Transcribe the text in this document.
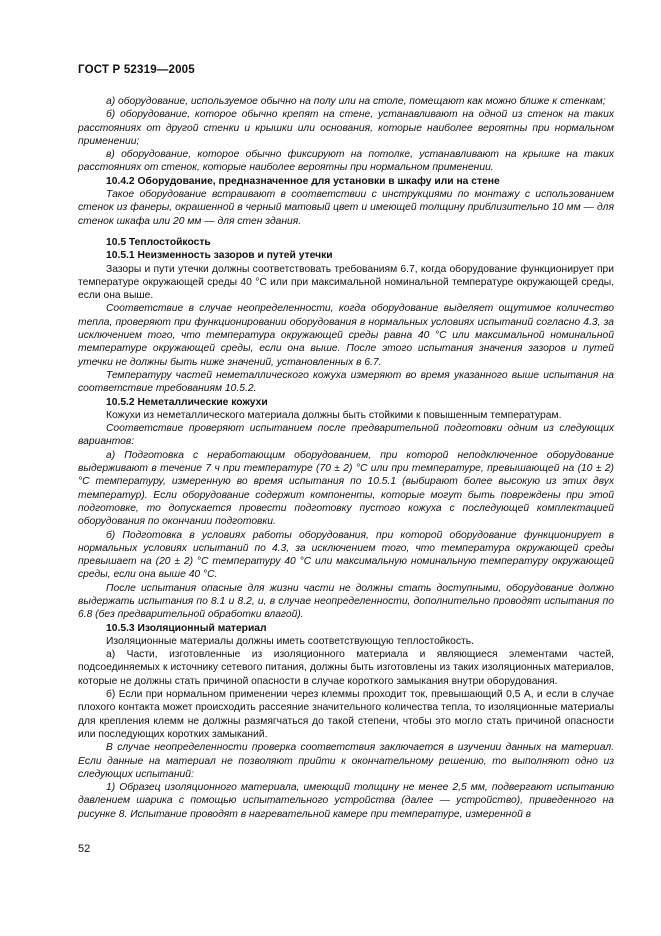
ГОСТ Р 52319—2005

а) оборудование, используемое обычно на полу или на столе, помещают как можно ближе к стенкам;

б) оборудование, которое обычно крепят на стене, устанавливают на одной из стенок на таких расстояниях от другой стенки и крышки или основания, которые наиболее вероятны при нормальном применении;

в) оборудование, которое обычно фиксируют на потолке, устанавливают на крышке на таких расстояниях от стенок, которые наиболее вероятны при нормальном применении.

10.4.2 Оборудование, предназначенное для установки в шкафу или на стене

Такое оборудование встраивают в соответствии с инструкциями по монтажу с использованием стенок из фанеры, окрашенной в черный матовый цвет и имеющей толщину приблизительно 10 мм — для стенок шкафа или 20 мм — для стен здания.

10.5 Теплостойкость

10.5.1 Неизменность зазоров и путей утечки

Зазоры и пути утечки должны соответствовать требованиям 6.7, когда оборудование функционирует при температуре окружающей среды 40 °С или при максимальной номинальной температуре окружающей среды, если она выше.

Соответствие в случае неопределенности, когда оборудование выделяет ощутимое количество тепла, проверяют при функционировании оборудования в нормальных условиях испытаний согласно 4.3, за исключением того, что температура окружающей среды равна 40 °С или максимальной номинальной температуре окружающей среды, если она выше. После этого испытания значения зазоров и путей утечки не должны быть ниже значений, установленных в 6.7.

Температуру частей неметаллического кожуха измеряют во время указанного выше испытания на соответствие требованиям 10.5.2.

10.5.2 Неметаллические кожухи

Кожухи из неметаллического материала должны быть стойкими к повышенным температурам.

Соответствие проверяют испытанием после предварительной подготовки одним из следующих вариантов:

а) Подготовка с неработающим оборудованием, при которой неподключенное оборудование выдерживают в течение 7 ч при температуре (70 ± 2) °С или при температуре, превышающей на (10 ± 2) °С температуру, измеренную во время испытания по 10.5.1 (выбирают более высокую из этих двух температур). Если оборудование содержит компоненты, которые могут быть повреждены при этой подготовке, то допускается провести подготовку пустого кожуха с последующей комплектацией оборудования по окончании подготовки.

б) Подготовка в условиях работы оборудования, при которой оборудование функционирует в нормальных условиях испытаний по 4.3, за исключением того, что температура окружающей среды превышает на (20 ± 2) °С температуру 40 °С или максимальную номинальную температуру окружающей среды, если она выше 40 °С.

После испытания опасные для жизни части не должны стать доступными, оборудование должно выдержать испытания по 8.1 и 8.2, и, в случае неопределенности, дополнительно проводят испытания по 6.8 (без предварительной обработки влагой).

10.5.3 Изоляционный материал

Изоляционные материалы должны иметь соответствующую теплостойкость.

а) Части, изготовленные из изоляционного материала и являющиеся элементами частей, подсоединяемых к источнику сетевого питания, должны быть изготовлены из таких изоляционных материалов, которые не должны стать причиной опасности в случае короткого замыкания внутри оборудования.

б) Если при нормальном применении через клеммы проходит ток, превышающий 0,5 А, и если в случае плохого контакта может происходить рассеяние значительного количества тепла, то изоляционные материалы для крепления клемм не должны размягчаться до такой степени, чтобы это могло стать причиной опасности или последующих коротких замыканий.

В случае неопределенности проверка соответствия заключается в изучении данных на материал. Если данные на материал не позволяют прийти к окончательному решению, то выполняют одно из следующих испытаний:

1) Образец изоляционного материала, имеющий толщину не менее 2,5 мм, подвергают испытанию давлением шарика с помощью испытательного устройства (далее — устройство), приведенного на рисунке 8. Испытание проводят в нагревательной камере при температуре, измеренной в

52
